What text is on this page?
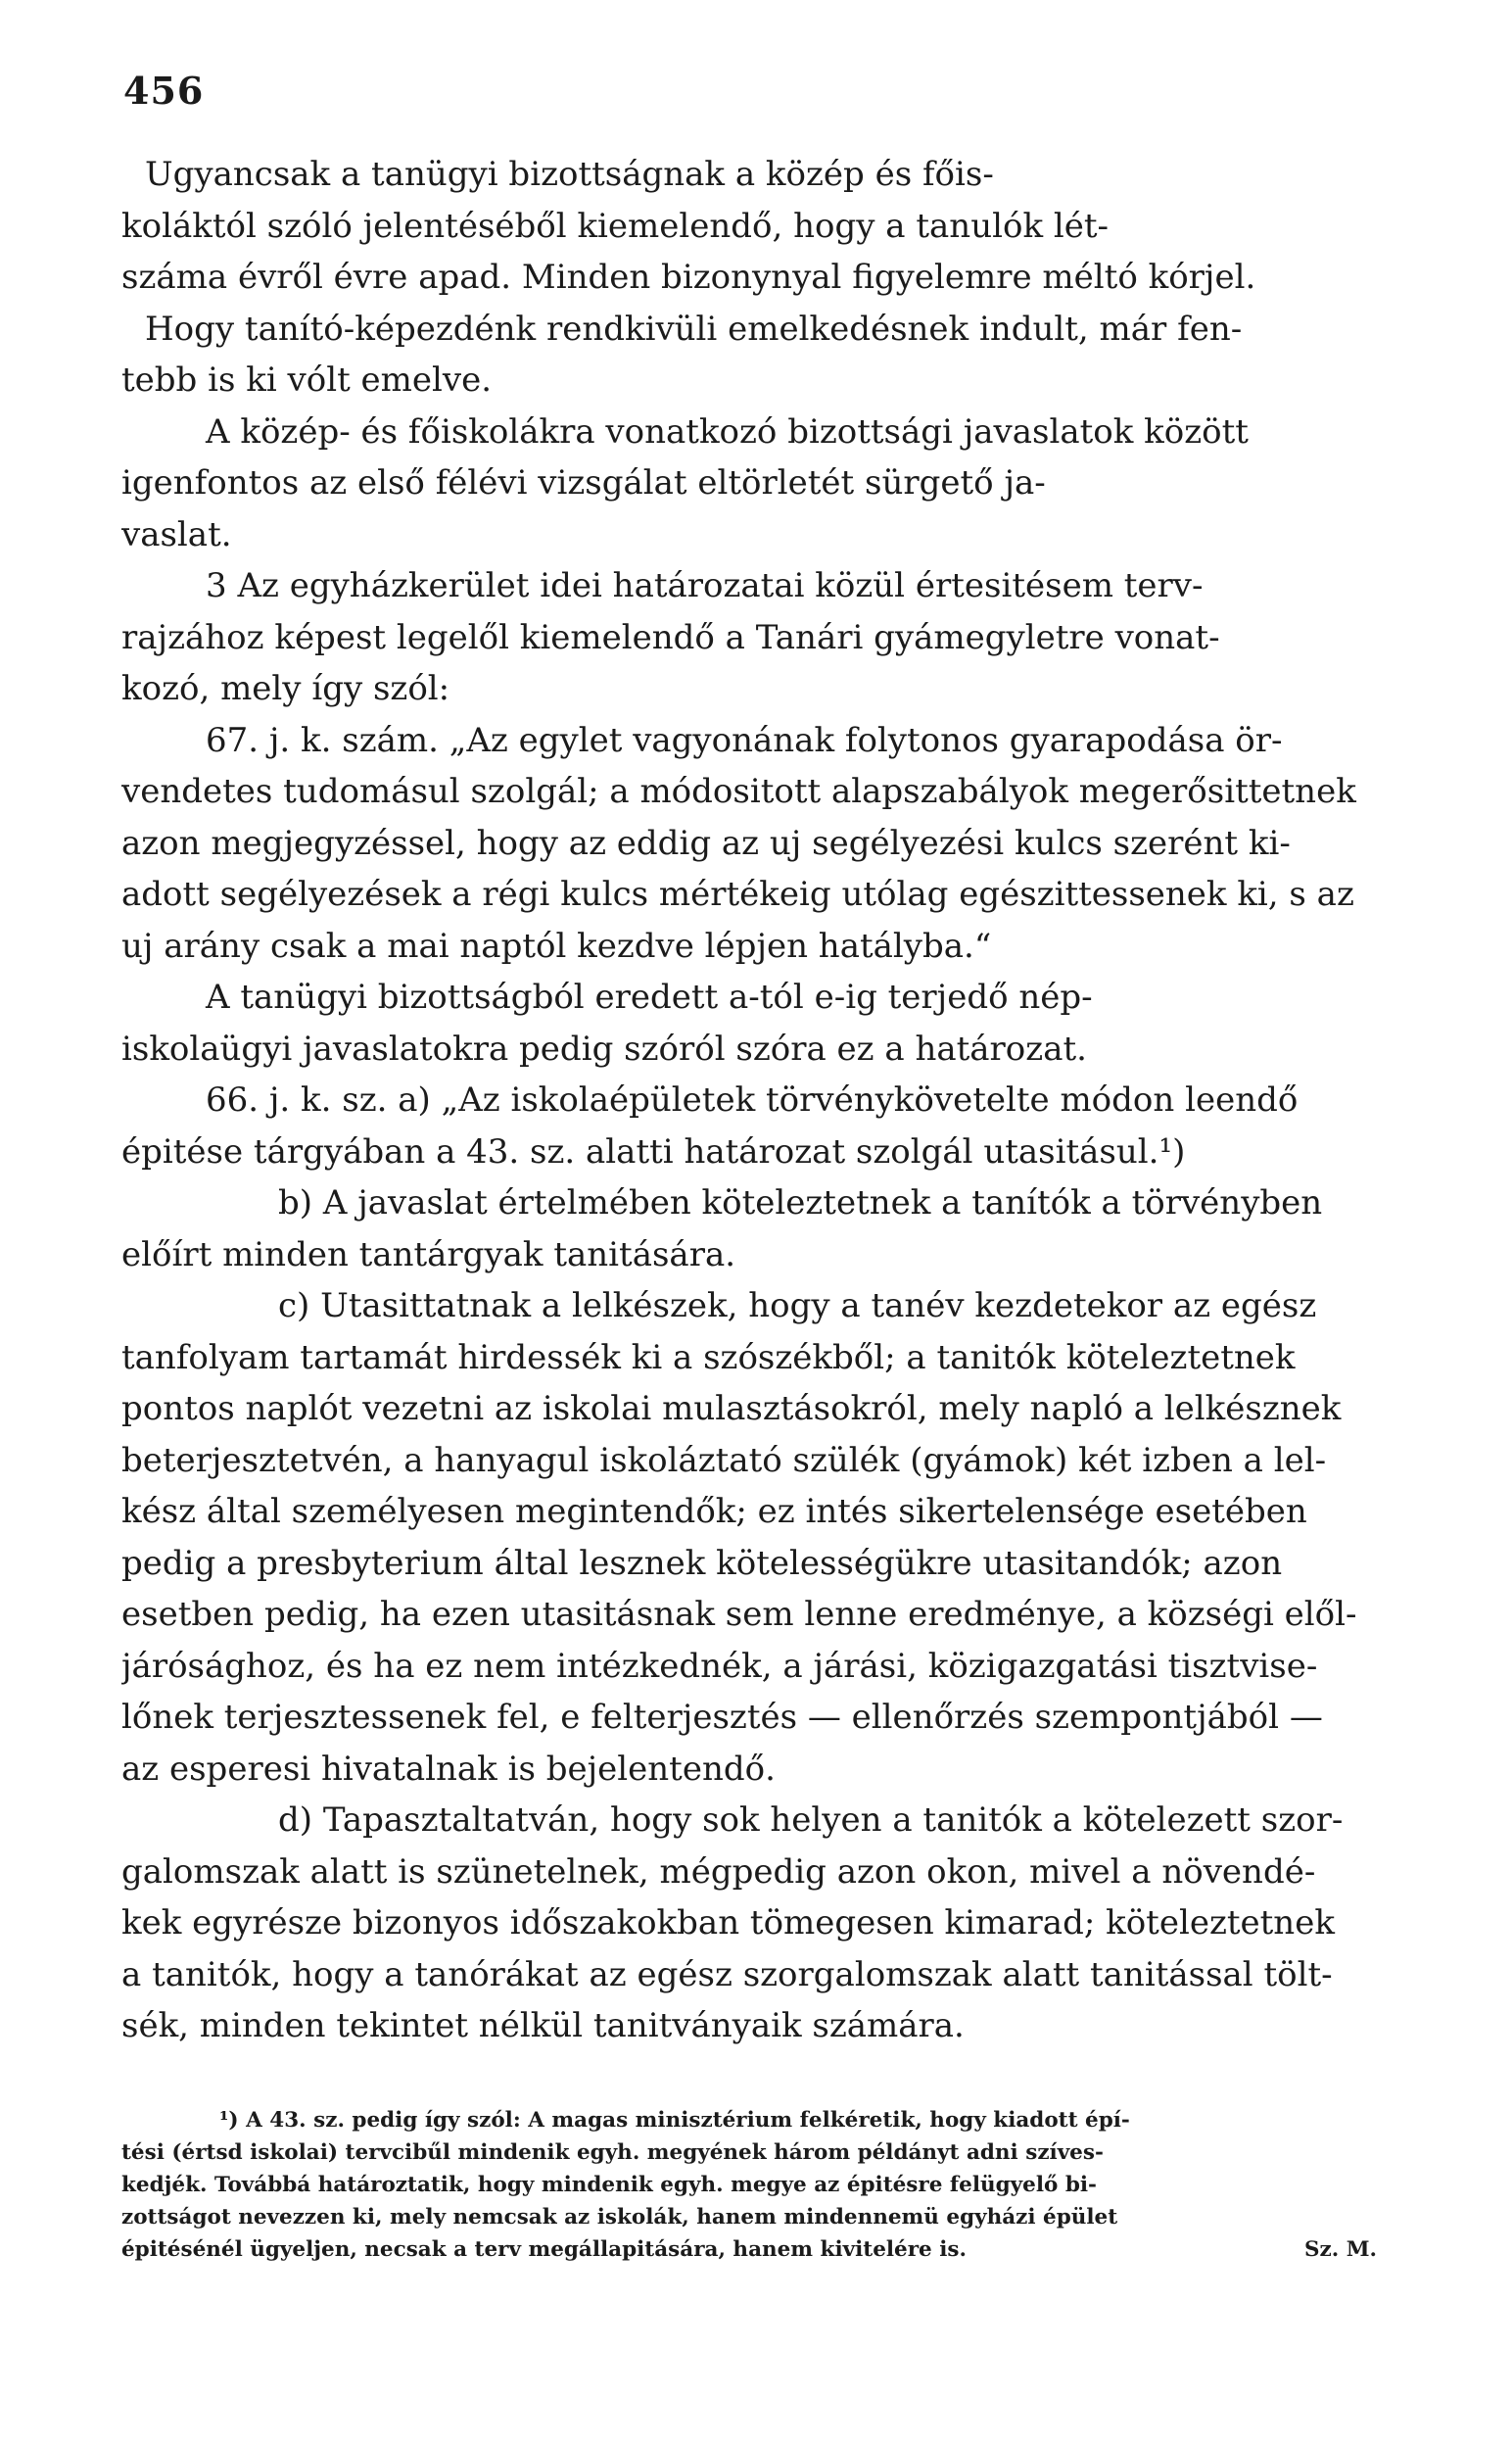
456
Ugyancsak a tanügyi bizottságnak a közép és főis-
koláktól szóló jelentéséből kiemelendő, hogy a tanulók lét-
száma évről évre apad. Minden bizonynyal figyelemre méltó kórjel.
Hogy tanító-képezdénk rendkivüli emelkedésnek indult, már fen-
tebb is ki vólt emelve.
A közép- és főiskolákra vonatkozó bizottsági javaslatok között
igenfontos az első félévi vizsgálat eltörletét sürgető ja-
vaslat.
3 Az egyházkerület idei határozatai közül értesitésem terv-
rajzához képest legelől kiemelendő a Tanári gyámegyletre vonat-
kozó, mely így szól:
67. j. k. szám. „Az egylet vagyonának folytonos gyarapodása ör-
vendetes tudomásul szolgál; a módositott alapszabályok megerősittetnek
azon megjegyzéssel, hogy az eddig az uj segélyezési kulcs szerént ki-
adott segélyezések a régi kulcs mértékeig utólag egészittessenek ki, s az
uj arány csak a mai naptól kezdve lépjen hatályba.“
A tanügyi bizottságból eredett a-tól e-ig terjedő nép-
iskolaügyi javaslatokra pedig szóról szóra ez a határozat.
66. j. k. sz. a) „Az iskolaépületek törvénykövetelte módon leendő
épitése tárgyában a 43. sz. alatti határozat szolgál utasitásul.¹)
b) A javaslat értelmében köteleztetnek a tanítók a törvényben
előírt minden tantárgyak tanitására.
c) Utasittatnak a lelkészek, hogy a tanév kezdetekor az egész
tanfolyam tartamát hirdessék ki a szószékből; a tanitók köteleztetnek
pontos naplót vezetni az iskolai mulasztásokról, mely napló a lelkésznek
beterjesztetvén, a hanyagul iskoláztató szülék (gyámok) két izben a lel-
kész által személyesen megintendők; ez intés sikertelensége esetében
pedig a presbyterium által lesznek kötelességükre utasitandók; azon
esetben pedig, ha ezen utasitásnak sem lenne eredménye, a községi elől-
járósághoz, és ha ez nem intézkednék, a járási, közigazgatási tisztvise-
lőnek terjesztessenek fel, e felterjesztés — ellenőrzés szempontjából —
az esperesi hivatalnak is bejelentendő.
d) Tapasztaltatván, hogy sok helyen a tanitók a kötelezett szor-
galomszak alatt is szünetelnek, mégpedig azon okon, mivel a növendé-
kek egyrésze bizonyos időszakokban tömegesen kimarad; köteleztetnek
a tanitók, hogy a tanórákat az egész szorgalomszak alatt tanitással tölt-
sék, minden tekintet nélkül tanitványaik számára.
¹) A 43. sz. pedig így szól: A magas minisztérium felkéretik, hogy kiadott épí-
tési (értsd iskolai) tervcibűl mindenik egyh. megyének három példányt adni szíves-
kedjék. Továbbá határoztatik, hogy mindenik egyh. megye az épitésre felügyelő bi-
zottságot nevezzen ki, mely nemcsak az iskolák, hanem mindennemü egyházi épület
épitésénél ügyeljen, necsak a terv megállapitására, hanem kivitelére is.	Sz. M.
